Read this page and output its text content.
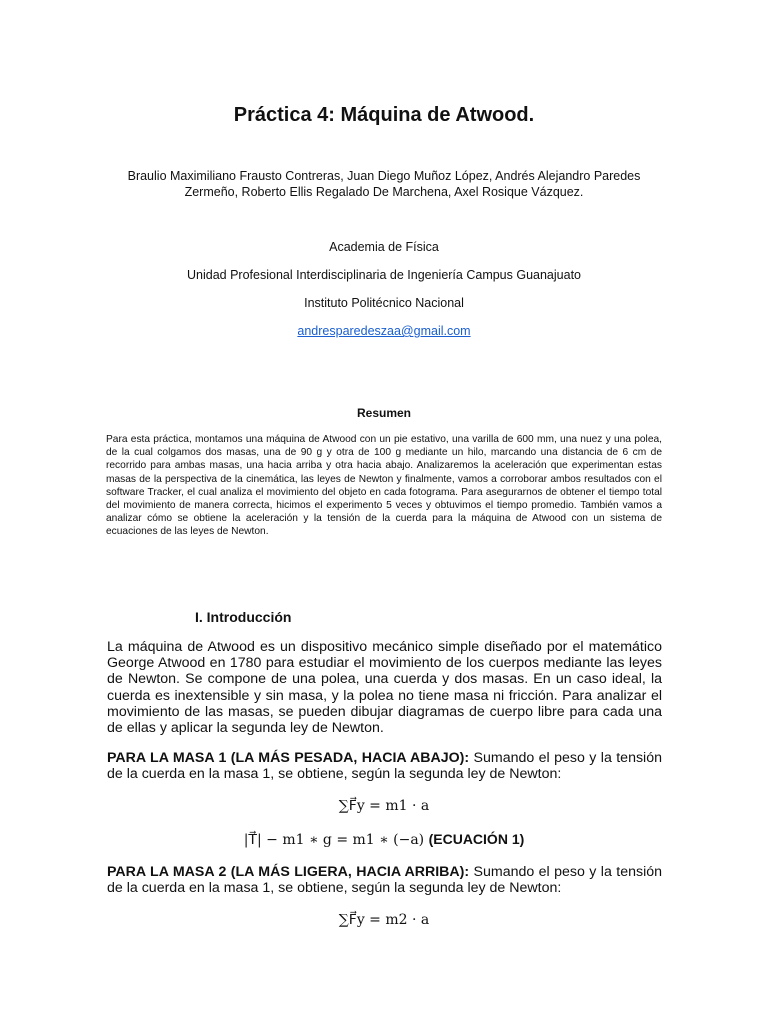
Práctica 4: Máquina de Atwood.
Braulio Maximiliano Frausto Contreras, Juan Diego Muñoz López, Andrés Alejandro Paredes
Zermeño, Roberto Ellis Regalado De Marchena, Axel Rosique Vázquez.

Academia de Física

Unidad Profesional Interdisciplinaria de Ingeniería Campus Guanajuato

Instituto Politécnico Nacional

andresparedeszaa@gmail.com

Resumen

Para esta práctica, montamos una máquina de Atwood con un pie estativo, una varilla de 600 mm, una nuez y una polea, de la cual colgamos dos masas, una de 90 g y otra de 100 g mediante un hilo, marcando una distancia de 6 cm de recorrido para ambas masas, una hacia arriba y otra hacia abajo. Analizaremos la aceleración que experimentan estas masas de la perspectiva de la cinemática, las leyes de Newton y finalmente, vamos a corroborar ambos resultados con el software Tracker, el cual analiza el movimiento del objeto en cada fotograma. Para asegurarnos de obtener el tiempo total del movimiento de manera correcta, hicimos el experimento 5 veces y obtuvimos el tiempo promedio. También vamos a analizar cómo se obtiene la aceleración y la tensión de la cuerda para la máquina de Atwood con un sistema de ecuaciones de las leyes de Newton.

I. Introducción

La máquina de Atwood es un dispositivo mecánico simple diseñado por el matemático George Atwood en 1780 para estudiar el movimiento de los cuerpos mediante las leyes de Newton. Se compone de una polea, una cuerda y dos masas. En un caso ideal, la cuerda es inextensible y sin masa, y la polea no tiene masa ni fricción. Para analizar el movimiento de las masas, se pueden dibujar diagramas de cuerpo libre para cada una de ellas y aplicar la segunda ley de Newton.

PARA LA MASA 1 (LA MÁS PESADA, HACIA ABAJO): Sumando el peso y la tensión de la cuerda en la masa 1, se obtiene, según la segunda ley de Newton:

∑F⃗y = m1 · a

|T⃗| − m1 ∗ g = m1 ∗ (−a) (ECUACIÓN 1)

PARA LA MASA 2 (LA MÁS LIGERA, HACIA ARRIBA): Sumando el peso y la tensión de la cuerda en la masa 1, se obtiene, según la segunda ley de Newton:

∑F⃗y = m2 · a
